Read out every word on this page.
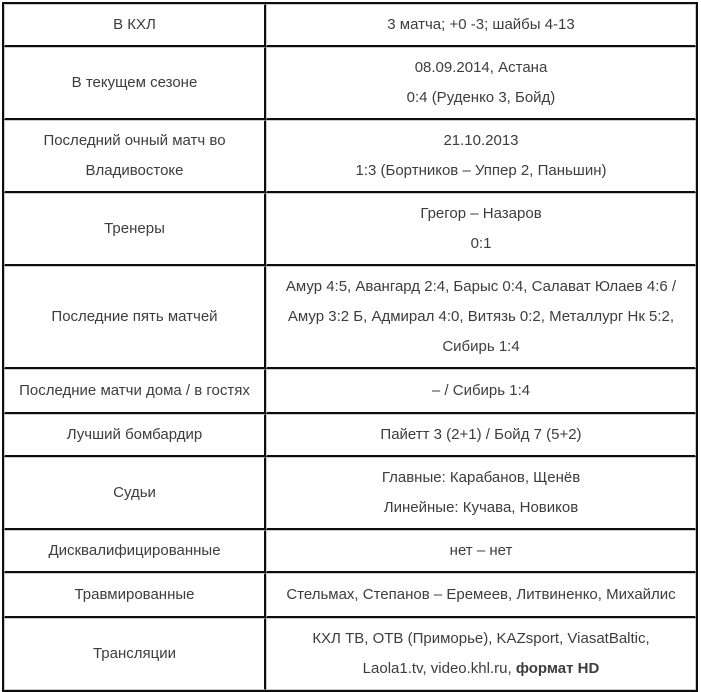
В КХЛ	3 матча; +0 -3; шайбы 4-13

В текущем сезоне	08.09.2014, Астана
0:4 (Руденко 3, Бойд)

Последний очный матч во Владивостоке	21.10.2013
1:3 (Бортников – Уппер 2, Паньшин)

Тренеры	Грегор – Назаров
0:1

Последние пять матчей	Амур 4:5, Авангард 2:4, Барыс 0:4, Салават Юлаев 4:6 / Амур 3:2 Б, Адмирал 4:0, Витязь 0:2, Металлург Нк 5:2, Сибирь 1:4

Последние матчи дома / в гостях	– / Сибирь 1:4

Лучший бомбардир	Пайетт 3 (2+1) / Бойд 7 (5+2)

Судьи	Главные: Карабанов, Щенёв
Линейные: Кучава, Новиков

Дисквалифицированные	нет – нет

Травмированные	Стельмах, Степанов – Еремеев, Литвиненко, Михайлис

Трансляции	КХЛ ТВ, ОТВ (Приморье), KAZsport, ViasatBaltic, Laola1.tv, video.khl.ru, формат HD
